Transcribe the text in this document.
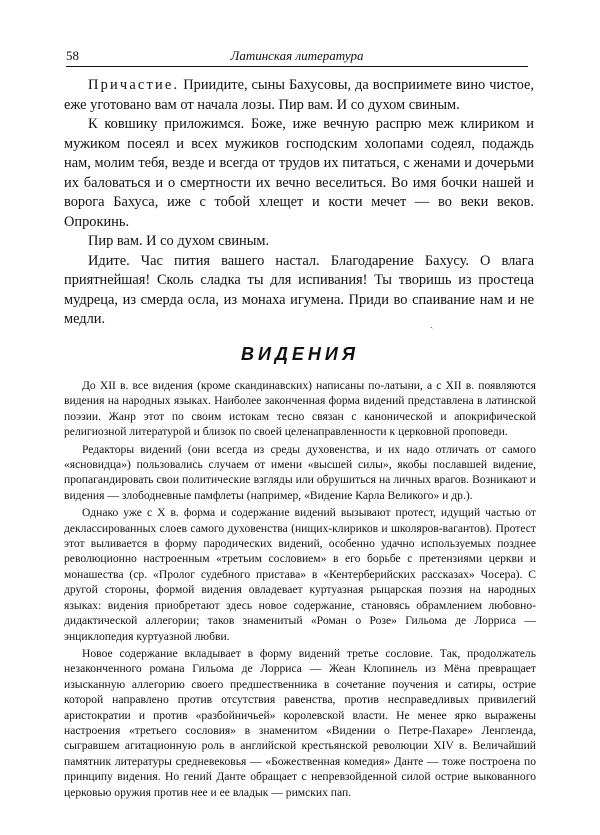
58	Латинская литература

Причастие. Приидите, сыны Бахусовы, да восприимете вино чистое, еже уготовано вам от начала лозы. Пир вам. И со духом свиным.

К ковшику приложимся. Боже, иже вечную распрю меж клириком и мужиком посеял и всех мужиков господским холопами содеял, подаждь нам, молим тебя, везде и всегда от трудов их питаться, с женами и дочерьми их баловаться и о смертности их вечно веселиться. Во имя бочки нашей и ворога Бахуса, иже с тобой хлещет и кости мечет — во веки веков. Опрокинь.

Пир вам. И со духом свиным.

Идите. Час пития вашего настал. Благодарение Бахусу. О влага приятнейшая! Сколь сладка ты для испивания! Ты творишь из простеца мудреца, из смерда осла, из монаха игумена. Приди во спаивание нам и не медли.	ˎ
ВИДЕНИЯ

До XII в. все видения (кроме скандинавских) написаны по-латыни, а с XII в. появляются видения на народных языках. Наиболее законченная форма видений представлена в латинской поэзии. Жанр этот по своим истокам тесно связан с канонической и апокрифической религиозной литературой и близок по своей целенаправленности к церковной проповеди.

Редакторы видений (они всегда из среды духовенства, и их надо отличать от самого «ясновидца») пользовались случаем от имени «высшей силы», якобы пославшей видение, пропагандировать свои политические взгляды или обрушиться на личных врагов. Возникают и видения — злободневные памфлеты (например, «Видение Карла Великого» и др.).

Однако уже с X в. форма и содержание видений вызывают протест, идущий частью от деклассированных слоев самого духовенства (нищих-клириков и школяров-вагантов). Протест этот выливается в форму пародических видений, особенно удачно используемых позднее революционно настроенным «третьим сословием» в его борьбе с претензиями церкви и монашества (ср. «Пролог судебного пристава» в «Кентерберийских рассказах» Чосера). С другой стороны, формой видения овладевает куртуазная рыцарская поэзия на народных языках: видения приобретают здесь новое содержание, становясь обрамлением любовно-дидактической аллегории; таков знаменитый «Роман о Розе» Гильома де Лорриса — энциклопедия куртуазной любви.

Новое содержание вкладывает в форму видений третье сословие. Так, продолжатель незаконченного романа Гильома де Лорриса — Жеан Клопинель из Мёна превращает изысканную аллегорию своего предшественника в сочетание поучения и сатиры, острие которой направлено против отсутствия равенства, против несправедливых привилегий аристократии и против «разбойничьей» королевской власти. Не менее ярко выражены настроения «третьего сословия» в знаменитом «Видении о Петре-Пахаре» Ленгленда, сыгравшем агитационную роль в английской крестьянской революции XIV в. Величайший памятник литературы средневековья — «Божественная комедия» Данте — тоже построена по принципу видения. Но гений Данте обращает с непревзойденной силой острие выкованного церковью оружия против нее и ее владык — римских пап.
